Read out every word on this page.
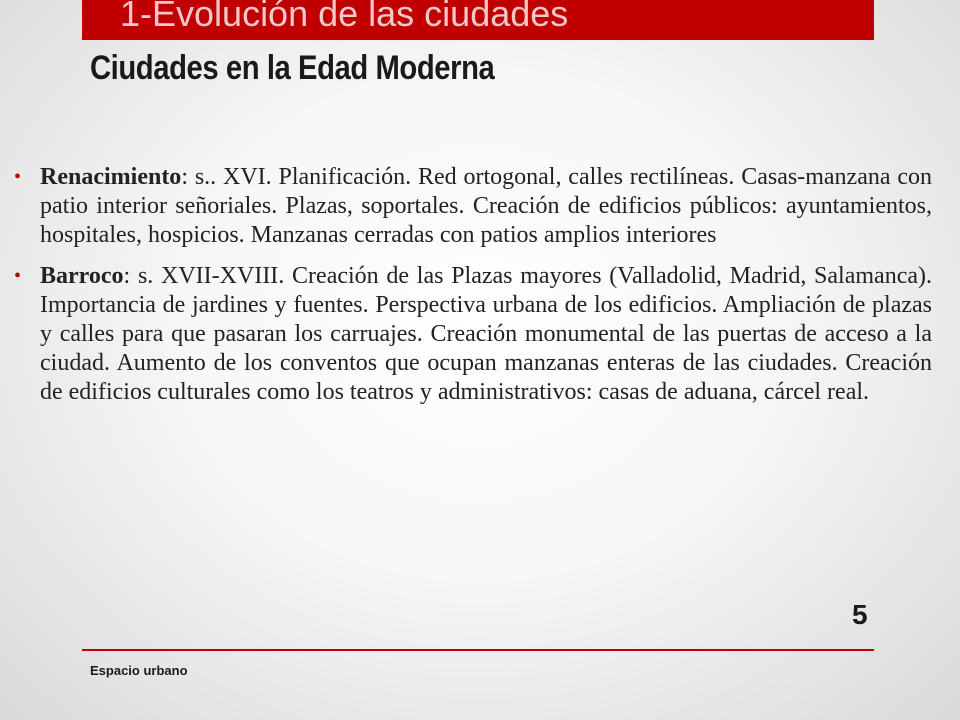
1-Evolución de las ciudades
Ciudades en la Edad Moderna
• Renacimiento: s.. XVI. Planificación. Red ortogonal, calles rectilíneas. Casas-manzana con patio interior señoriales. Plazas, soportales. Creación de edificios públicos: ayuntamientos, hospitales, hospicios. Manzanas cerradas con patios amplios interiores
• Barroco: s. XVII-XVIII. Creación de las Plazas mayores (Valladolid, Madrid, Salamanca). Importancia de jardines y fuentes. Perspectiva urbana de los edificios. Ampliación de plazas y calles para que pasaran los carruajes. Creación monumental de las puertas de acceso a la ciudad. Aumento de los conventos que ocupan manzanas enteras de las ciudades. Creación de edificios culturales como los teatros y administrativos: casas de aduana, cárcel real.
5
Espacio urbano
